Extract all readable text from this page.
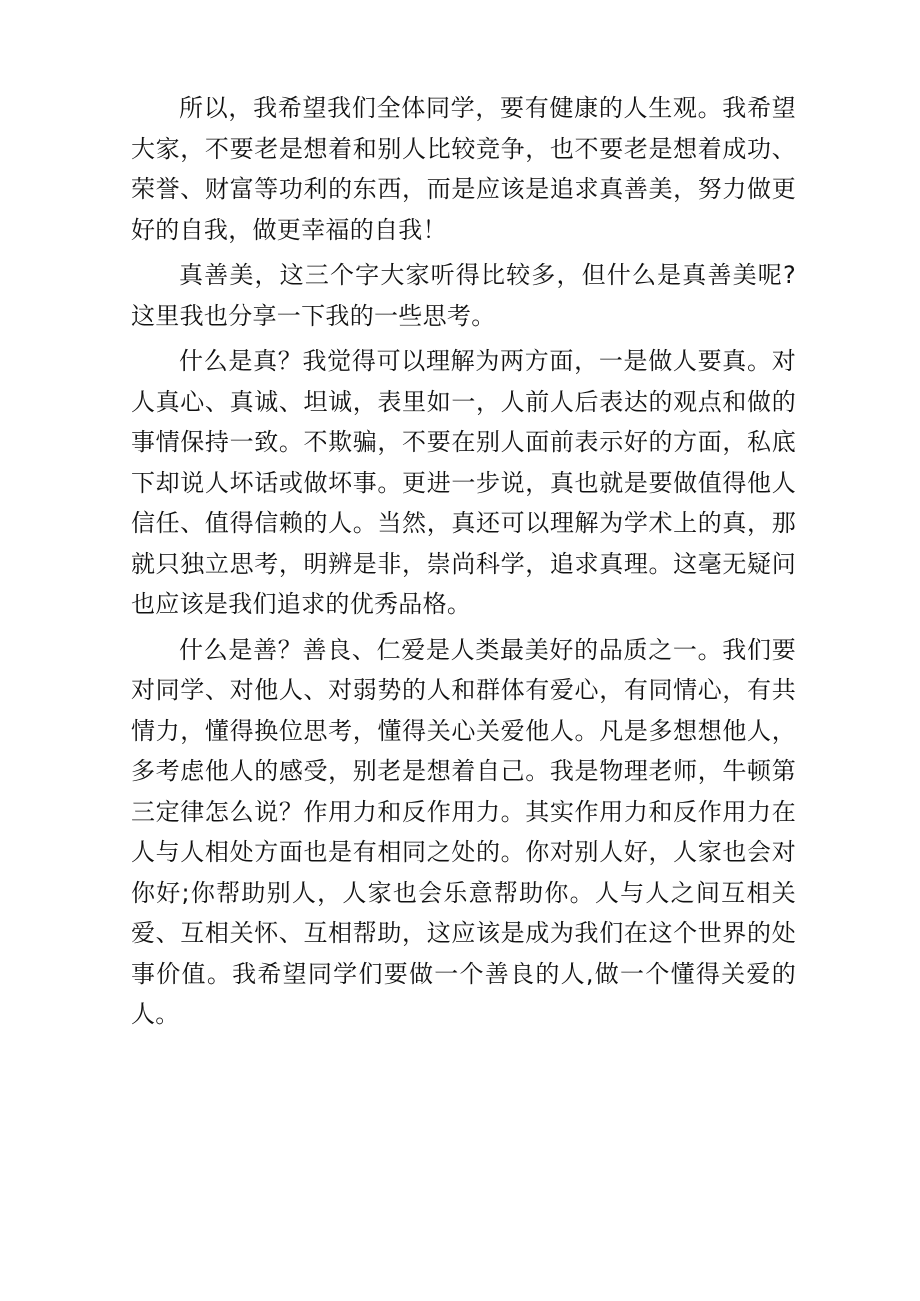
所以，我希望我们全体同学，要有健康的人生观。我希望大家，不要老是想着和别人比较竞争，也不要老是想着成功、荣誉、财富等功利的东西，而是应该是追求真善美，努力做更好的自我，做更幸福的自我！

真善美，这三个字大家听得比较多，但什么是真善美呢?这里我也分享一下我的一些思考。

什么是真？我觉得可以理解为两方面，一是做人要真。对人真心、真诚、坦诚，表里如一，人前人后表达的观点和做的事情保持一致。不欺骗，不要在别人面前表示好的方面，私底下却说人坏话或做坏事。更进一步说，真也就是要做值得他人信任、值得信赖的人。当然，真还可以理解为学术上的真，那就只独立思考，明辨是非，崇尚科学，追求真理。这毫无疑问也应该是我们追求的优秀品格。

什么是善？善良、仁爱是人类最美好的品质之一。我们要对同学、对他人、对弱势的人和群体有爱心，有同情心，有共情力，懂得换位思考，懂得关心关爱他人。凡是多想想他人，多考虑他人的感受，别老是想着自己。我是物理老师，牛顿第三定律怎么说？作用力和反作用力。其实作用力和反作用力在人与人相处方面也是有相同之处的。你对别人好，人家也会对你好;你帮助别人，人家也会乐意帮助你。人与人之间互相关爱、互相关怀、互相帮助，这应该是成为我们在这个世界的处事价值。我希望同学们要做一个善良的人,做一个懂得关爱的人。
